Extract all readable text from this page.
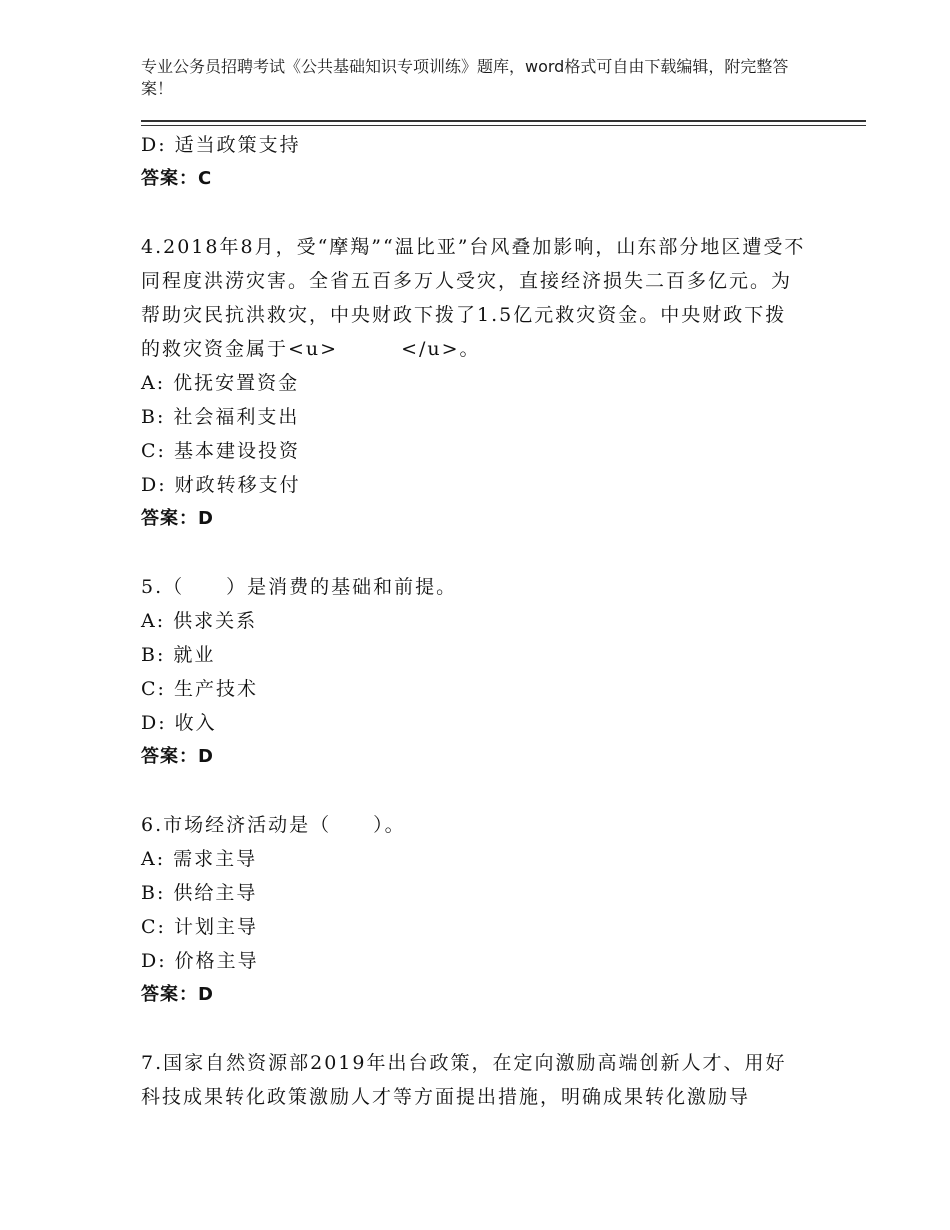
专业公务员招聘考试《公共基础知识专项训练》题库，word格式可自由下载编辑，附完整答案！
D: 适当政策支持
答案：C
4.2018年8月，受“摩羯”“温比亚”台风叠加影响，山东部分地区遭受不同程度洪涝灾害。全省五百多万人受灾，直接经济损失二百多亿元。为帮助灾民抗洪救灾，中央财政下拨了1.5亿元救灾资金。中央财政下拨的救灾资金属于<u>　　　</u>。
A: 优抚安置资金
B: 社会福利支出
C: 基本建设投资
D: 财政转移支付
答案：D
5.（　　）是消费的基础和前提。
A: 供求关系
B: 就业
C: 生产技术
D: 收入
答案：D
6.市场经济活动是（　　）。
A: 需求主导
B: 供给主导
C: 计划主导
D: 价格主导
答案：D
7.国家自然资源部2019年出台政策，在定向激励高端创新人才、用好科技成果转化政策激励人才等方面提出措施，明确成果转化激励导
